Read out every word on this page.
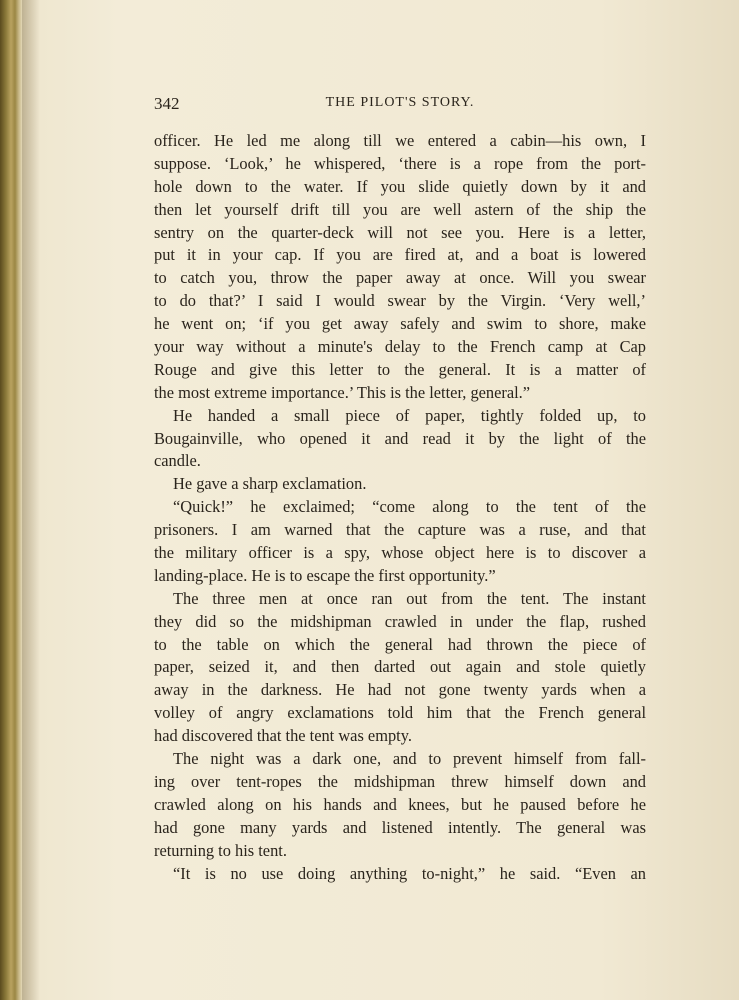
342	THE PILOT'S STORY.
officer. He led me along till we entered a cabin—his own, I
suppose. ‘Look,’ he whispered, ‘there is a rope from the port-
hole down to the water. If you slide quietly down by it and
then let yourself drift till you are well astern of the ship the
sentry on the quarter-deck will not see you. Here is a letter,
put it in your cap. If you are fired at, and a boat is lowered
to catch you, throw the paper away at once. Will you swear
to do that?’ I said I would swear by the Virgin. ‘Very well,’
he went on; ‘if you get away safely and swim to shore, make
your way without a minute's delay to the French camp at Cap
Rouge and give this letter to the general. It is a matter of
the most extreme importance.’ This is the letter, general.”
He handed a small piece of paper, tightly folded up, to
Bougainville, who opened it and read it by the light of the
candle.
He gave a sharp exclamation.
“Quick!” he exclaimed; “come along to the tent of the
prisoners. I am warned that the capture was a ruse, and that
the military officer is a spy, whose object here is to discover a
landing-place. He is to escape the first opportunity.”
The three men at once ran out from the tent. The instant
they did so the midshipman crawled in under the flap, rushed
to the table on which the general had thrown the piece of
paper, seized it, and then darted out again and stole quietly
away in the darkness. He had not gone twenty yards when a
volley of angry exclamations told him that the French general
had discovered that the tent was empty.
The night was a dark one, and to prevent himself from fall-
ing over tent-ropes the midshipman threw himself down and
crawled along on his hands and knees, but he paused before he
had gone many yards and listened intently. The general was
returning to his tent.
“It is no use doing anything to-night,” he said. “Even an
